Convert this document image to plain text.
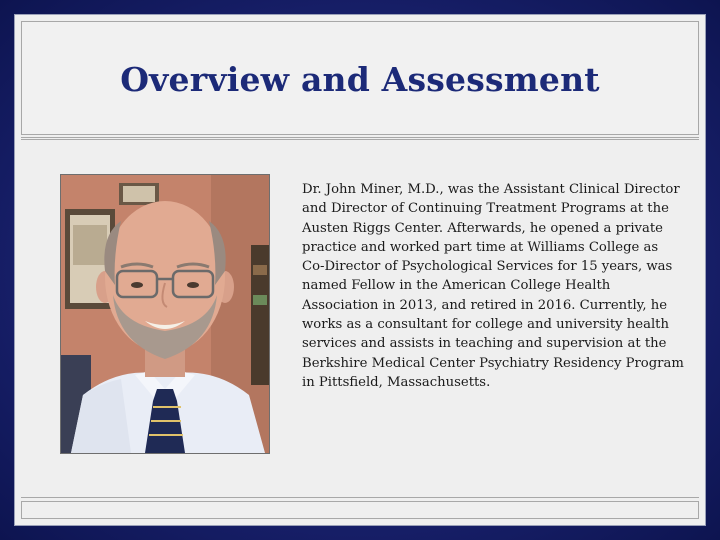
Overview and Assessment
Dr. John Miner, M.D., was the Assistant Clinical Director and Director of Continuing Treatment Programs at the Austen Riggs Center. Afterwards, he opened a private practice and worked part time at Williams College as Co-Director of Psychological Services for 15 years, was named Fellow in the American College Health Association in 2013, and retired in 2016. Currently, he works as a consultant for college and university health services and assists in teaching and supervision at the Berkshire Medical Center Psychiatry Residency Program in Pittsfield, Massachusetts.
